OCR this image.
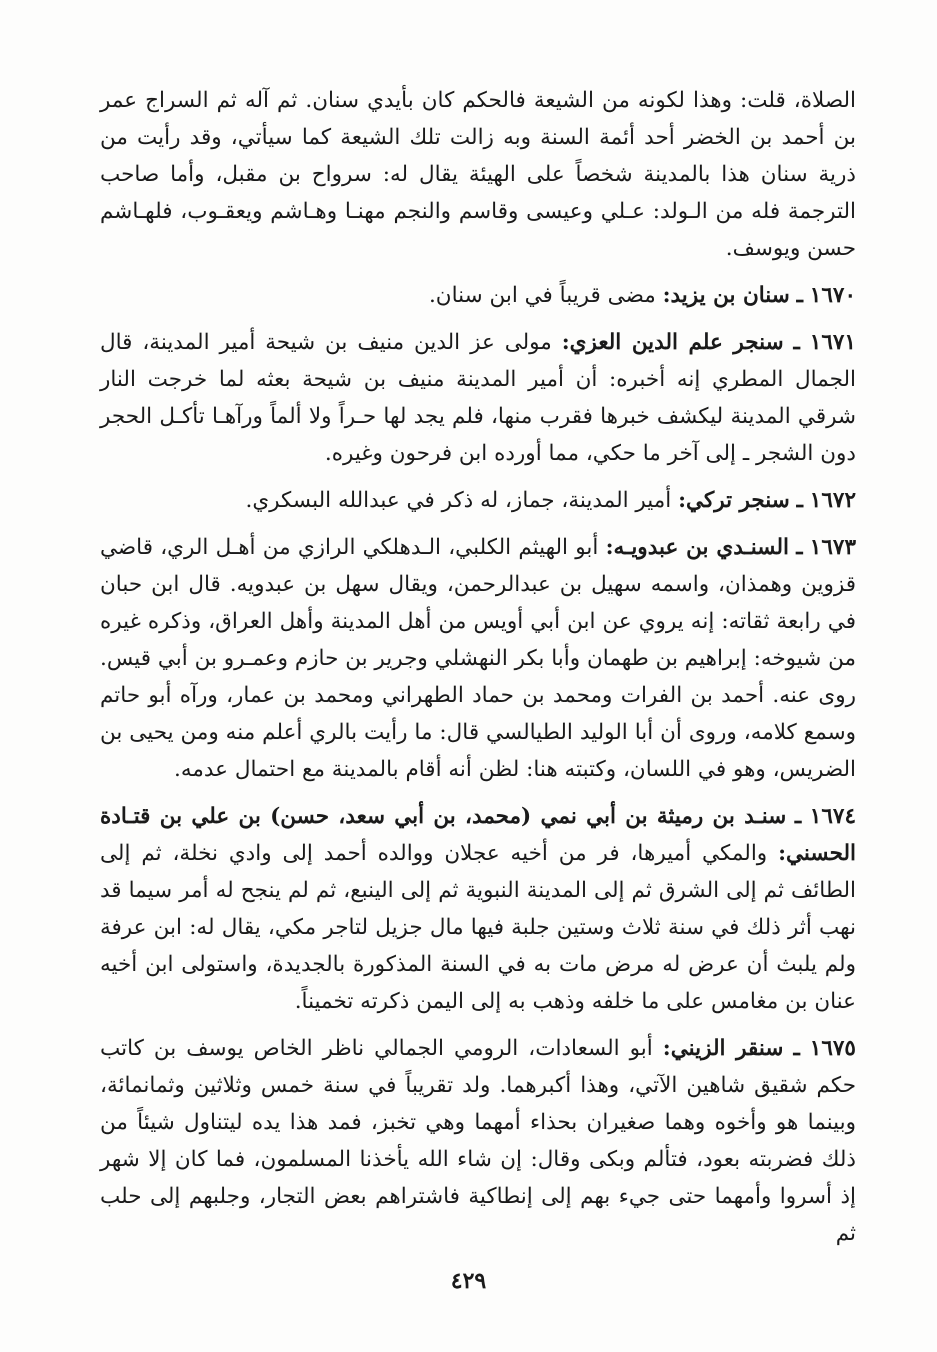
الصلاة، قلت: وهذا لكونه من الشيعة فالحكم كان بأيدي سنان. ثم آله ثم السراج عمر بن أحمد بن الخضر أحد أئمة السنة وبه زالت تلك الشيعة كما سيأتي، وقد رأيت من ذرية سنان هذا بالمدينة شخصاً على الهيئة يقال له: سرواح بن مقبل، وأما صاحب الترجمة فله من الـولد: عـلي وعيسى وقاسم والنجم مهنـا وهـاشم ويعقـوب، فلهـاشم حسن ويوسف.

١٦٧٠ ـ سنان بن يزيد: مضى قريباً في ابن سنان.

١٦٧١ ـ سنجر علم الدين العزي: مولى عز الدين منيف بن شيحة أمير المدينة، قال الجمال المطري إنه أخبره: أن أمير المدينة منيف بن شيحة بعثه لما خرجت النار شرقي المدينة ليكشف خبرها فقرب منها، فلم يجد لها حـراً ولا ألماً ورآهـا تأكـل الحجر دون الشجر ـ إلى آخر ما حكي، مما أورده ابن فرحون وغيره.

١٦٧٢ ـ سنجر تركي: أمير المدينة، جماز، له ذكر في عبدالله البسكري.

١٦٧٣ ـ السنـدي بن عبدويـه: أبو الهيثم الكلبي، الـدهلكي الرازي من أهـل الري، قاضي قزوين وهمذان، واسمه سهيل بن عبدالرحمن، ويقال سهل بن عبدويه. قال ابن حبان في رابعة ثقاته: إنه يروي عن ابن أبي أويس من أهل المدينة وأهل العراق، وذكره غيره من شيوخه: إبراهيم بن طهمان وأبا بكر النهشلي وجرير بن حازم وعمـرو بن أبي قيس. روى عنه. أحمد بن الفرات ومحمد بن حماد الطهراني ومحمد بن عمار، ورآه أبو حاتم وسمع كلامه، وروى أن أبا الوليد الطيالسي قال: ما رأيت بالري أعلم منه ومن يحيى بن الضريس، وهو في اللسان، وكتبته هنا: لظن أنه أقام بالمدينة مع احتمال عدمه.

١٦٧٤ ـ سنـد بن رميثة بن أبي نمي (محمد، بن أبي سعد، حسن) بن علي بن قتـادة الحسني: والمكي أميرها، فر من أخيه عجلان ووالده أحمد إلى وادي نخلة، ثم إلى الطائف ثم إلى الشرق ثم إلى المدينة النبوية ثم إلى الينبع، ثم لم ينجح له أمر سيما قد نهب أثر ذلك في سنة ثلاث وستين جلبة فيها مال جزيل لتاجر مكي، يقال له: ابن عرفة ولم يلبث أن عرض له مرض مات به في السنة المذكورة بالجديدة، واستولى ابن أخيه عنان بن مغامس على ما خلفه وذهب به إلى اليمن ذكرته تخميناً.

١٦٧٥ ـ سنقر الزيني: أبو السعادات، الرومي الجمالي ناظر الخاص يوسف بن كاتب حكم شقيق شاهين الآتي، وهذا أكبرهما. ولد تقريباً في سنة خمس وثلاثين وثمانمائة، وبينما هو وأخوه وهما صغيران بحذاء أمهما وهي تخبز، فمد هذا يده ليتناول شيئاً من ذلك فضربته بعود، فتألم وبكى وقال: إن شاء الله يأخذنا المسلمون، فما كان إلا شهر إذ أسروا وأمهما حتى جيء بهم إلى إنطاكية فاشتراهم بعض التجار، وجلبهم إلى حلب ثم

٤٢٩
